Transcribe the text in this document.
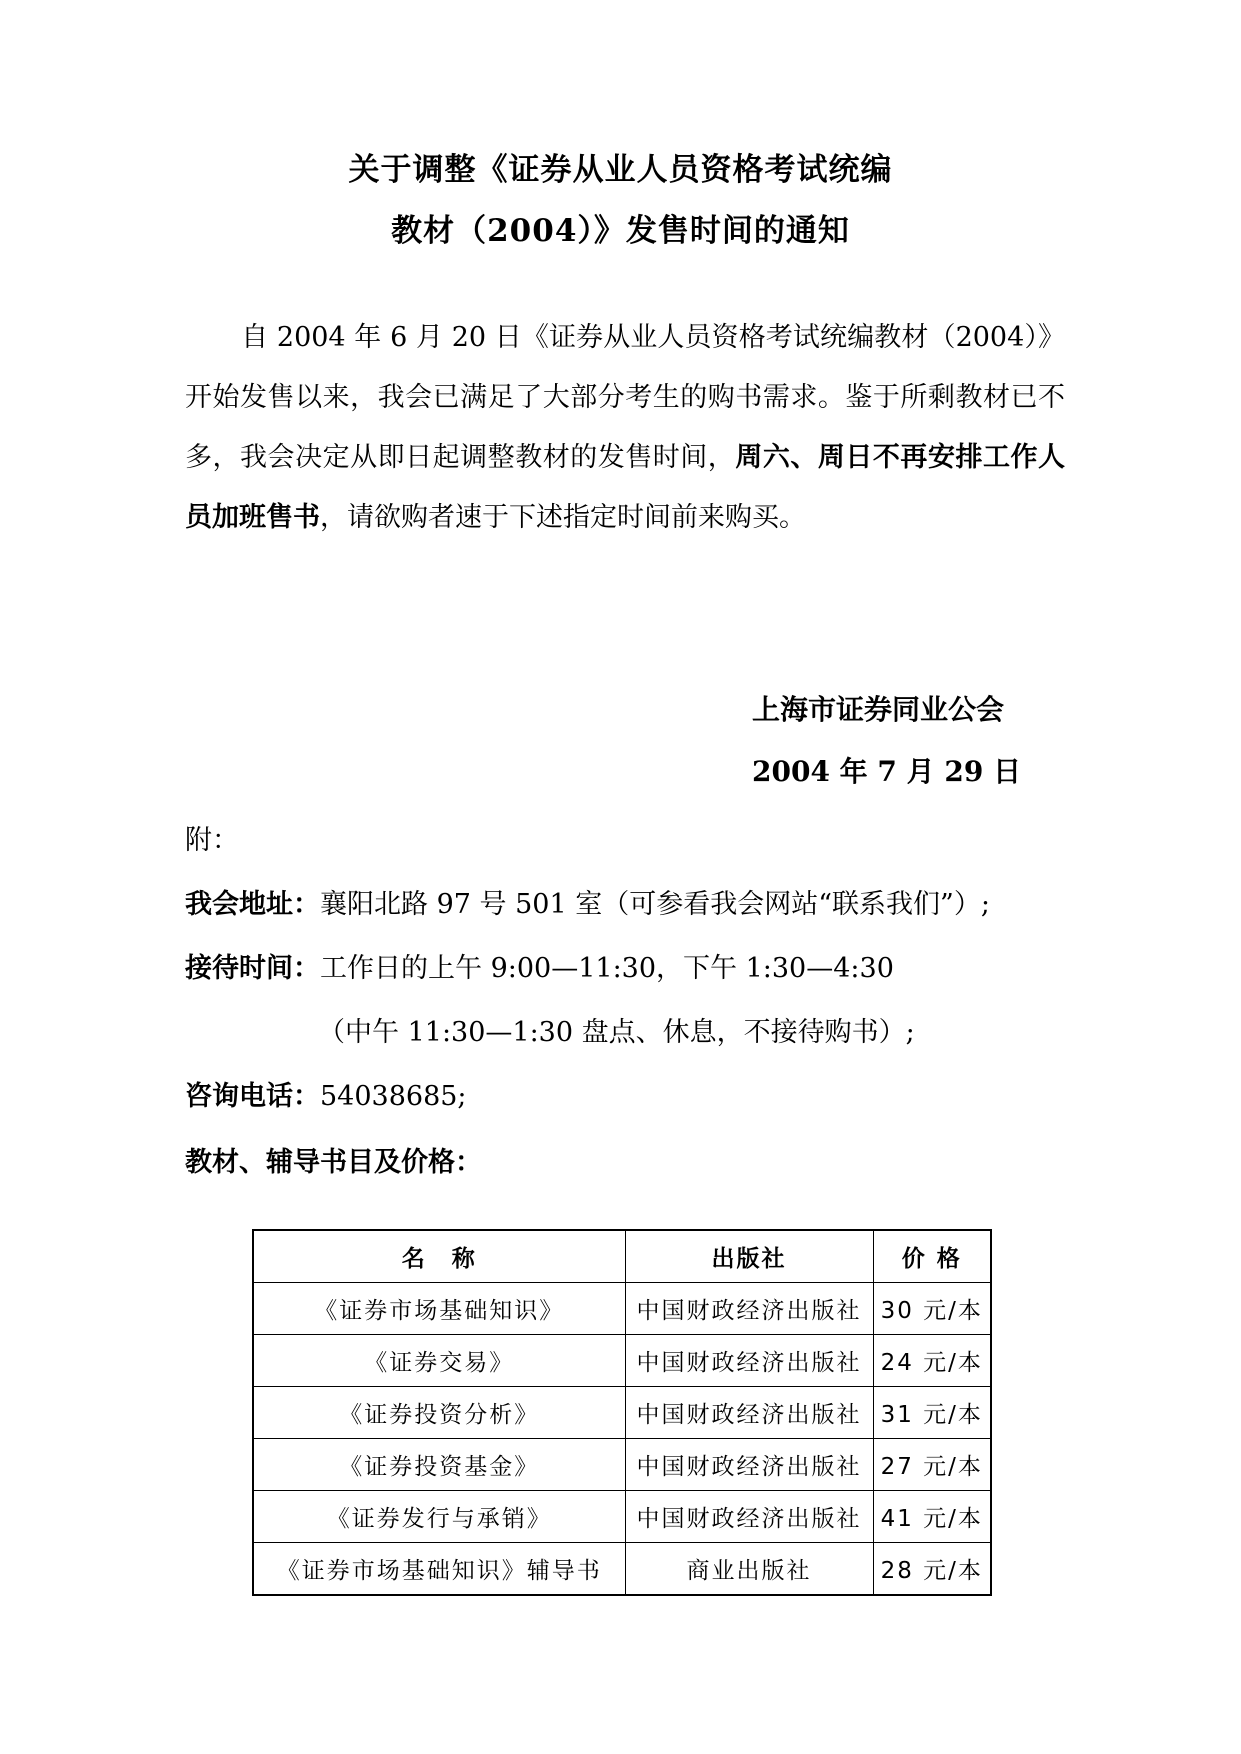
关于调整《证券从业人员资格考试统编
教材（2004）》发售时间的通知
自 2004 年 6 月 20 日《证券从业人员资格考试统编教材（2004）》开始发售以来，我会已满足了大部分考生的购书需求。鉴于所剩教材已不多，我会决定从即日起调整教材的发售时间，周六、周日不再安排工作人员加班售书，请欲购者速于下述指定时间前来购买。
上海市证券同业公会
2004 年 7 月 29 日
附：
我会地址：襄阳北路 97 号 501 室（可参看我会网站“联系我们”）;
接待时间：工作日的上午 9:00—11:30，下午 1:30—4:30
（中午 11:30—1:30 盘点、休息，不接待购书）;
咨询电话：54038685;
教材、辅导书目及价格：
名　称	出版社	价 格
《证券市场基础知识》	中国财政经济出版社	30 元/本
《证券交易》	中国财政经济出版社	24 元/本
《证券投资分析》	中国财政经济出版社	31 元/本
《证券投资基金》	中国财政经济出版社	27 元/本
《证券发行与承销》	中国财政经济出版社	41 元/本
《证券市场基础知识》辅导书	商业出版社	28 元/本
